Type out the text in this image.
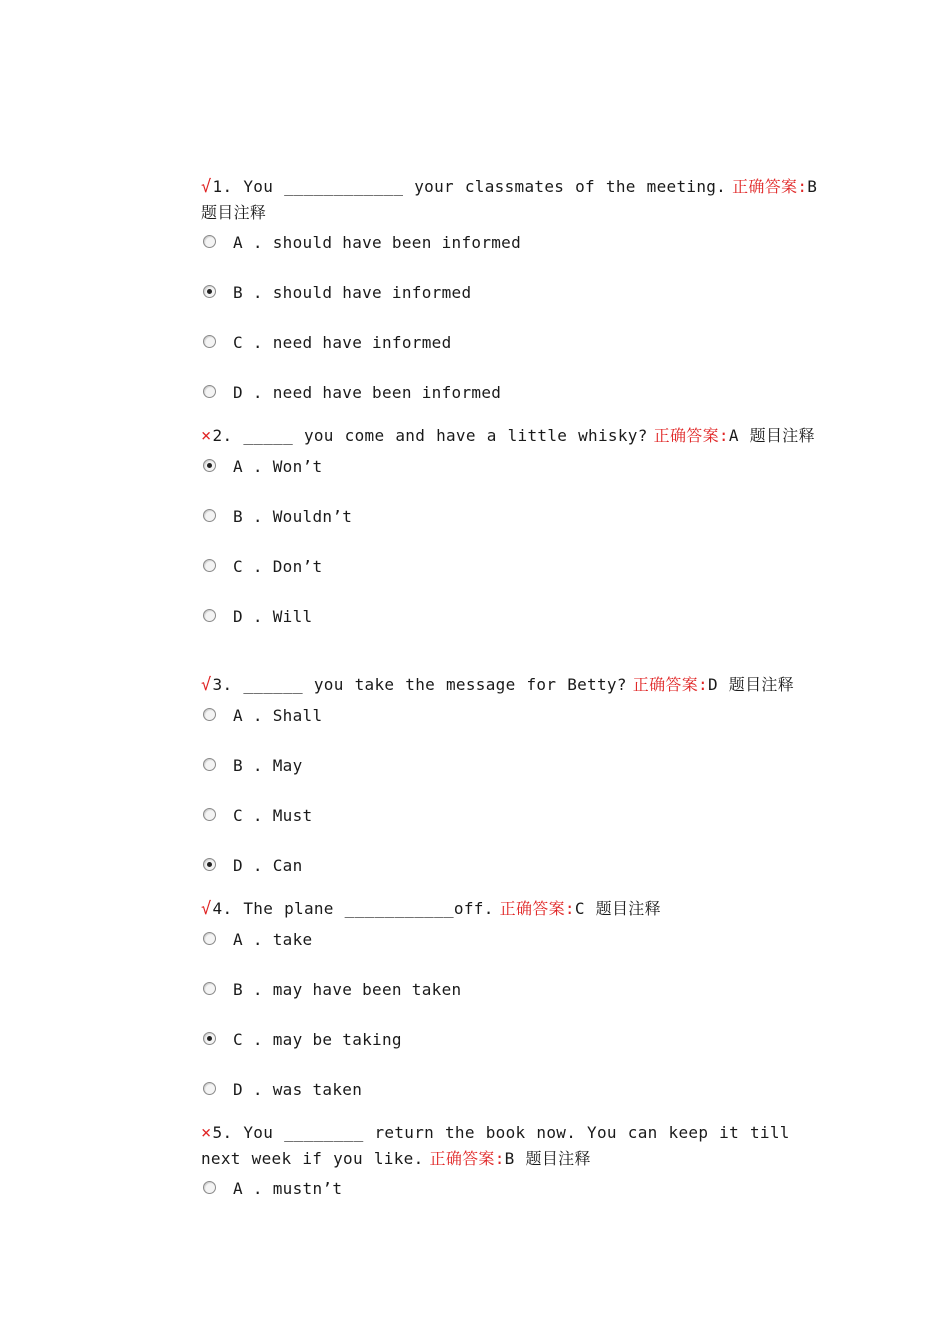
√1. You ____________ your classmates of the meeting. 正确答案:B 题目注释

A . should have been informed
B . should have informed
C . need have informed
D . need have been informed

×2. _____ you come and have a little whisky? 正确答案:A 题目注释

A . Won’t
B . Wouldn’t
C . Don’t
D . Will

√3. ______ you take the message for Betty? 正确答案:D 题目注释

A . Shall
B . May
C . Must
D . Can

√4. The plane ___________off. 正确答案:C 题目注释

A . take
B . may have been taken
C . may be taking
D . was taken

×5. You ________ return the book now. You can keep it till next week if you like. 正确答案:B 题目注释

A . mustn’t
